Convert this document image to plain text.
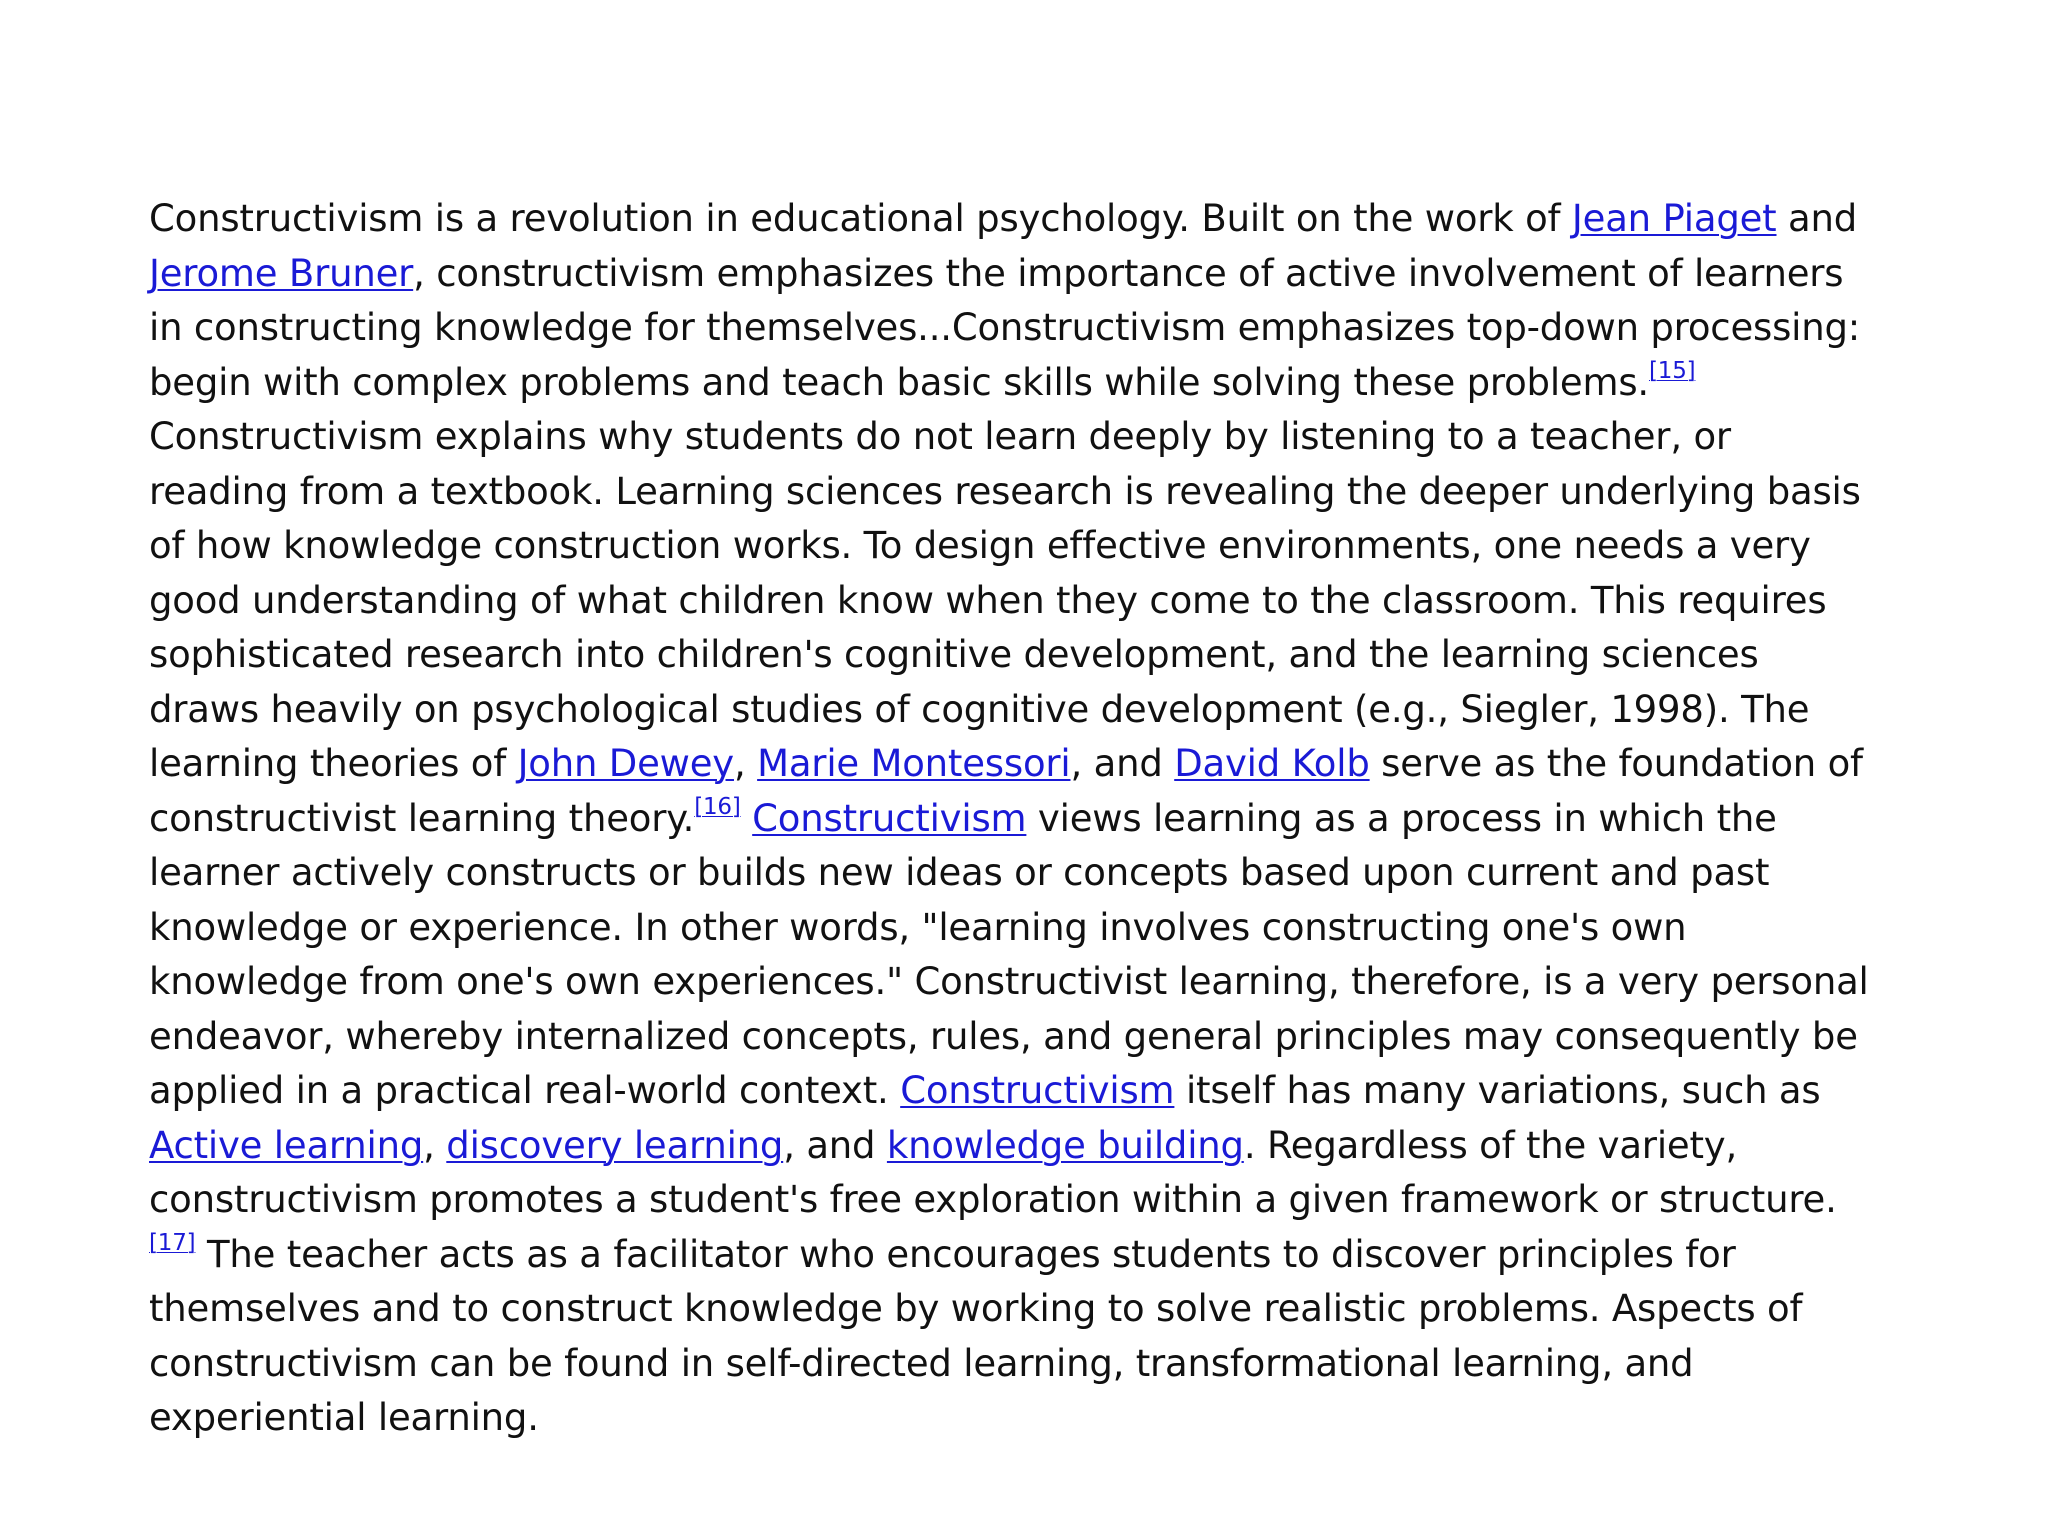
Constructivism is a revolution in educational psychology. Built on the work of Jean Piaget and Jerome Bruner, constructivism emphasizes the importance of active involvement of learners in constructing knowledge for themselves...Constructivism emphasizes top-down processing: begin with complex problems and teach basic skills while solving these problems.[15] Constructivism explains why students do not learn deeply by listening to a teacher, or reading from a textbook. Learning sciences research is revealing the deeper underlying basis of how knowledge construction works. To design effective environments, one needs a very good understanding of what children know when they come to the classroom. This requires sophisticated research into children's cognitive development, and the learning sciences draws heavily on psychological studies of cognitive development (e.g., Siegler, 1998). The learning theories of John Dewey, Marie Montessori, and David Kolb serve as the foundation of constructivist learning theory.[16] Constructivism views learning as a process in which the learner actively constructs or builds new ideas or concepts based upon current and past knowledge or experience. In other words, "learning involves constructing one's own knowledge from one's own experiences." Constructivist learning, therefore, is a very personal endeavor, whereby internalized concepts, rules, and general principles may consequently be applied in a practical real-world context. Constructivism itself has many variations, such as Active learning, discovery learning, and knowledge building. Regardless of the variety, constructivism promotes a student's free exploration within a given framework or structure.[17] The teacher acts as a facilitator who encourages students to discover principles for themselves and to construct knowledge by working to solve realistic problems. Aspects of constructivism can be found in self-directed learning, transformational learning, and experiential learning.
